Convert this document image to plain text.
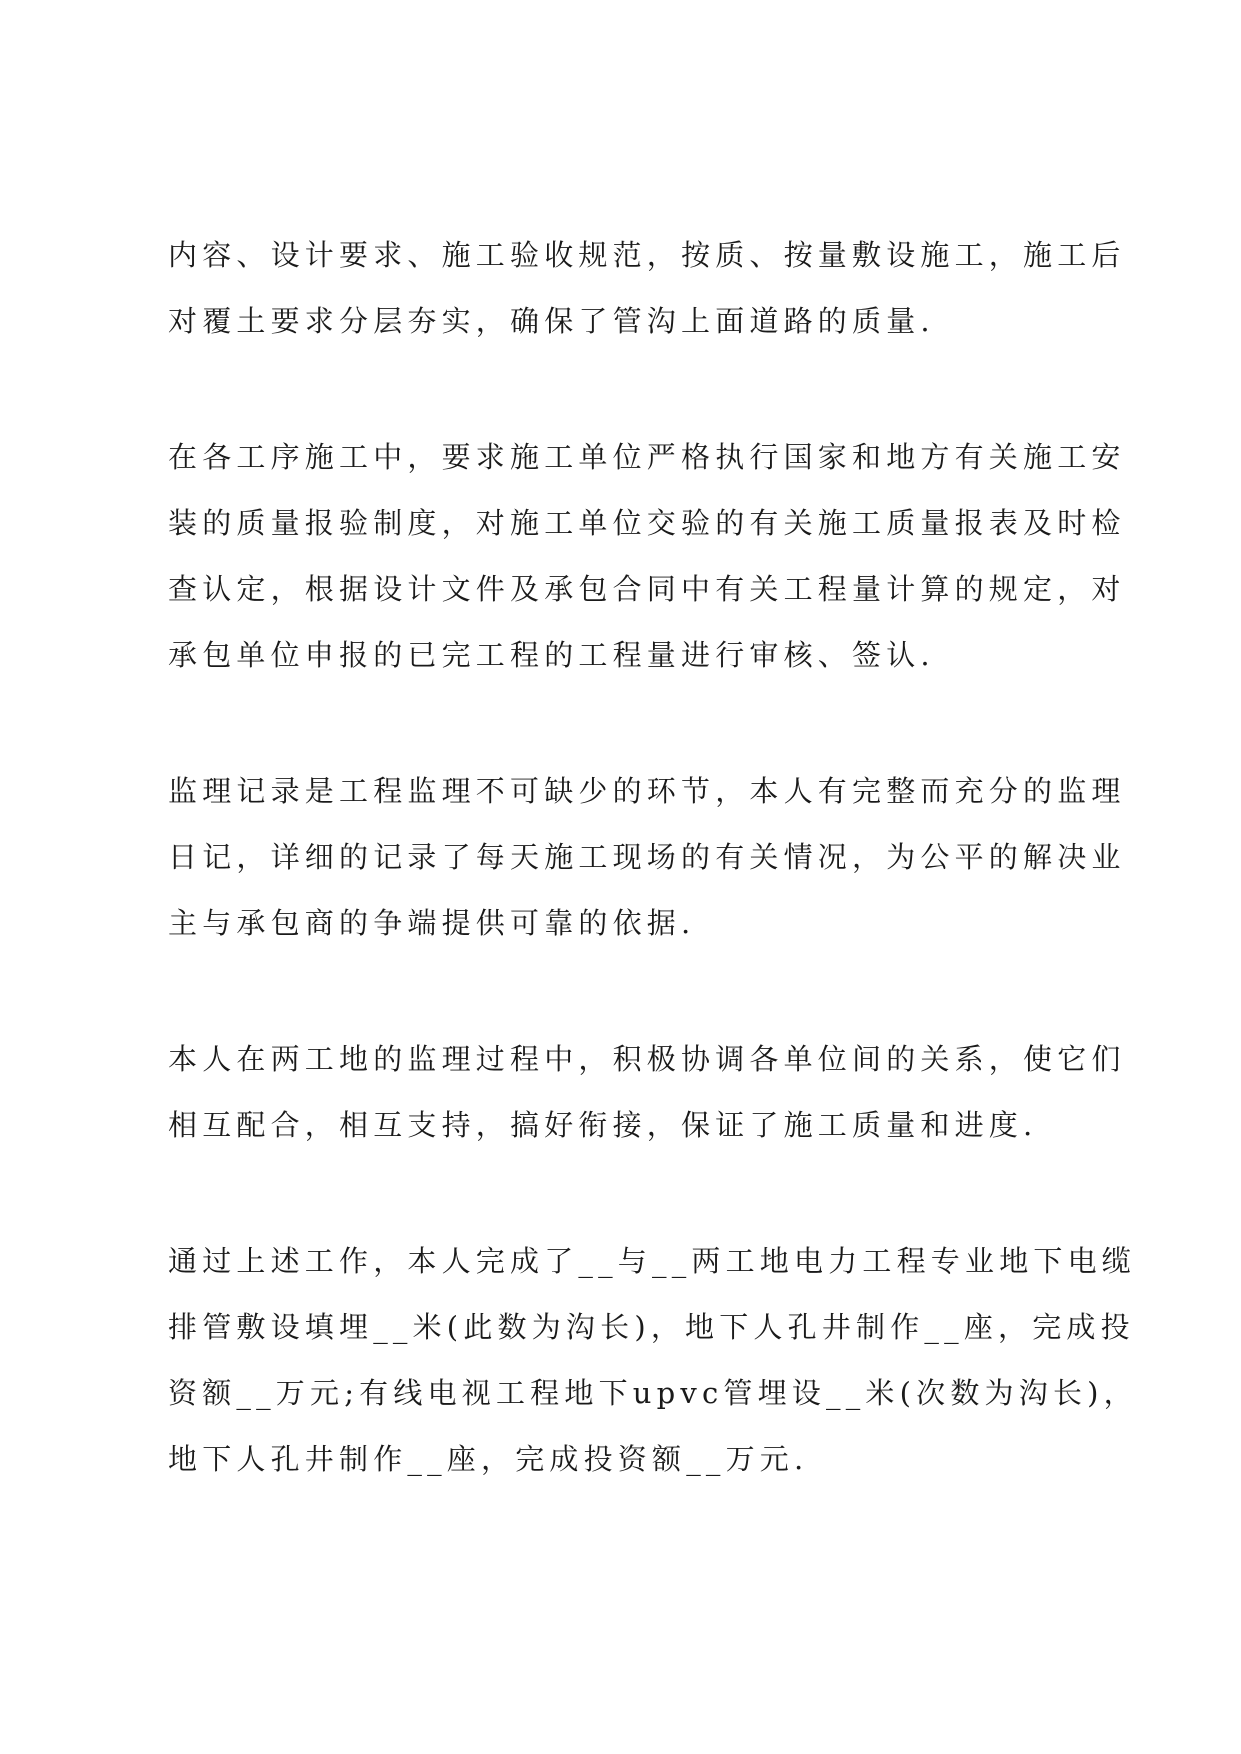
内容、设计要求、施工验收规范，按质、按量敷设施工，施工后
对覆土要求分层夯实，确保了管沟上面道路的质量.

在各工序施工中，要求施工单位严格执行国家和地方有关施工安
装的质量报验制度，对施工单位交验的有关施工质量报表及时检
查认定，根据设计文件及承包合同中有关工程量计算的规定，对
承包单位申报的已完工程的工程量进行审核、签认.

监理记录是工程监理不可缺少的环节，本人有完整而充分的监理
日记，详细的记录了每天施工现场的有关情况，为公平的解决业
主与承包商的争端提供可靠的依据.

本人在两工地的监理过程中，积极协调各单位间的关系，使它们
相互配合，相互支持，搞好衔接，保证了施工质量和进度.

通过上述工作，本人完成了__与__两工地电力工程专业地下电缆
排管敷设填埋__米(此数为沟长)，地下人孔井制作__座，完成投
资额__万元;有线电视工程地下upvc管埋设__米(次数为沟长)，
地下人孔井制作__座，完成投资额__万元.
